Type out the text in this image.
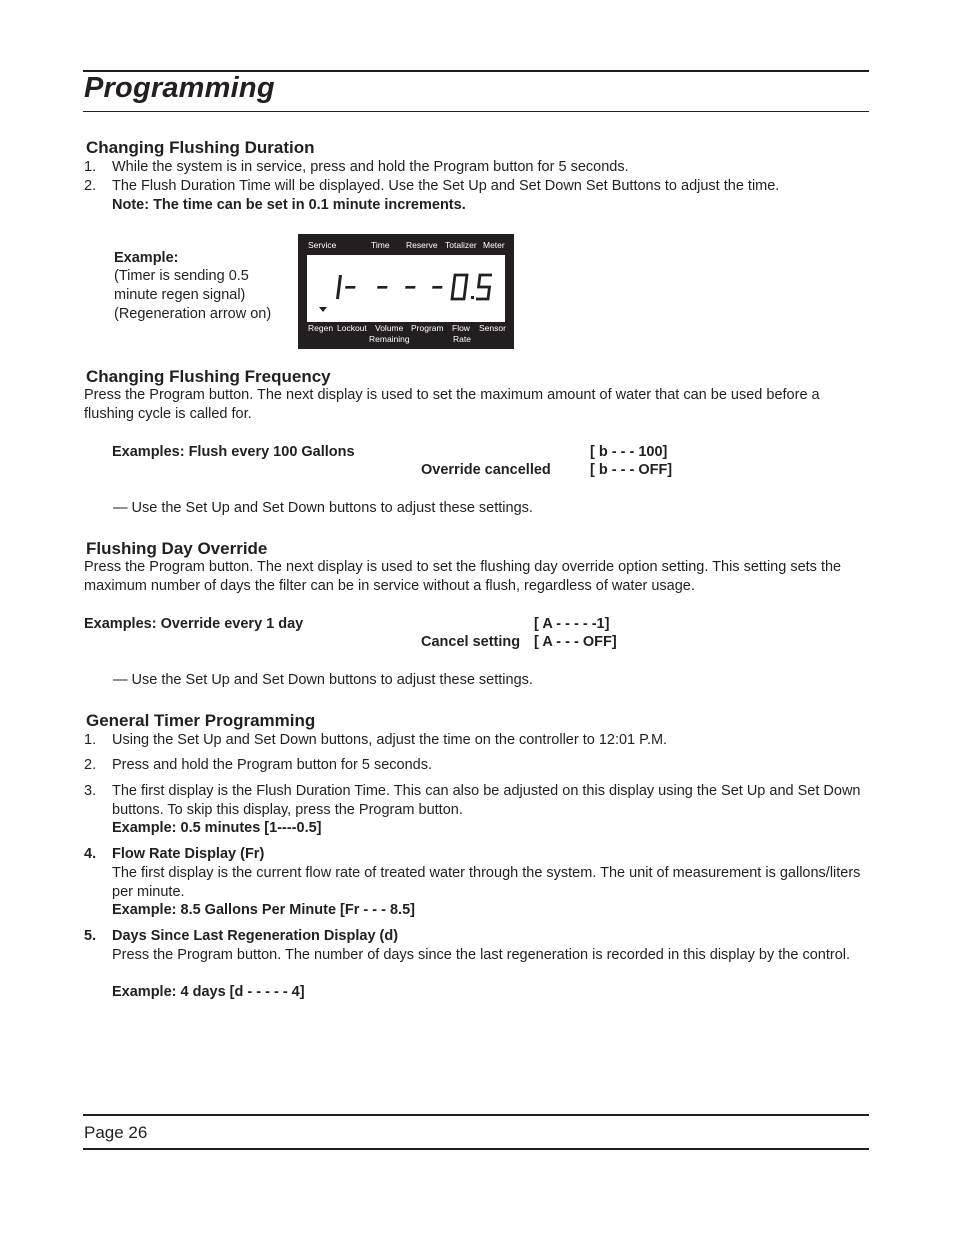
Programming
Changing Flushing Duration
1. While the system is in service, press and hold the Program button for 5 seconds.
2. The Flush Duration Time will be displayed. Use the Set Up and Set Down Set Buttons to adjust the time.
Note: The time can be set in 0.1 minute increments.
Example:
(Timer is sending 0.5
minute regen signal)
(Regeneration arrow on)
Service	Time Reserve Totalizer Meter
Regen Lockout Volume
Remaining
Program Flow
Rate
Sensor
Changing Flushing Frequency
Press the Program button. The next display is used to set the maximum amount of water that can be used before a flushing cycle is called for.
Examples: Flush every 100 Gallons	[ b - - - 100]
Override cancelled	[ b - - - OFF]
— Use the Set Up and Set Down buttons to adjust these settings.
Flushing Day Override
Press the Program button. The next display is used to set the flushing day override option setting. This setting sets the maximum number of days the filter can be in service without a flush, regardless of water usage.
Examples: Override every 1 day	[ A - - - - -1]
Cancel setting [ A - - - OFF]
— Use the Set Up and Set Down buttons to adjust these settings.
General Timer Programming
1. Using the Set Up and Set Down buttons, adjust the time on the controller to 12:01 P.M.
2. Press and hold the Program button for 5 seconds.
3. The first display is the Flush Duration Time. This can also be adjusted on this display using the Set Up and Set Down buttons. To skip this display, press the Program button.
Example: 0.5 minutes [1----0.5]
4. Flow Rate Display (Fr)
The first display is the current flow rate of treated water through the system. The unit of measurement is gallons/liters per minute.
Example: 8.5 Gallons Per Minute [Fr - - - 8.5]
5. Days Since Last Regeneration Display (d)
Press the Program button. The number of days since the last regeneration is recorded in this display by the control.
Example: 4 days [d - - - - - 4]
Page 26
